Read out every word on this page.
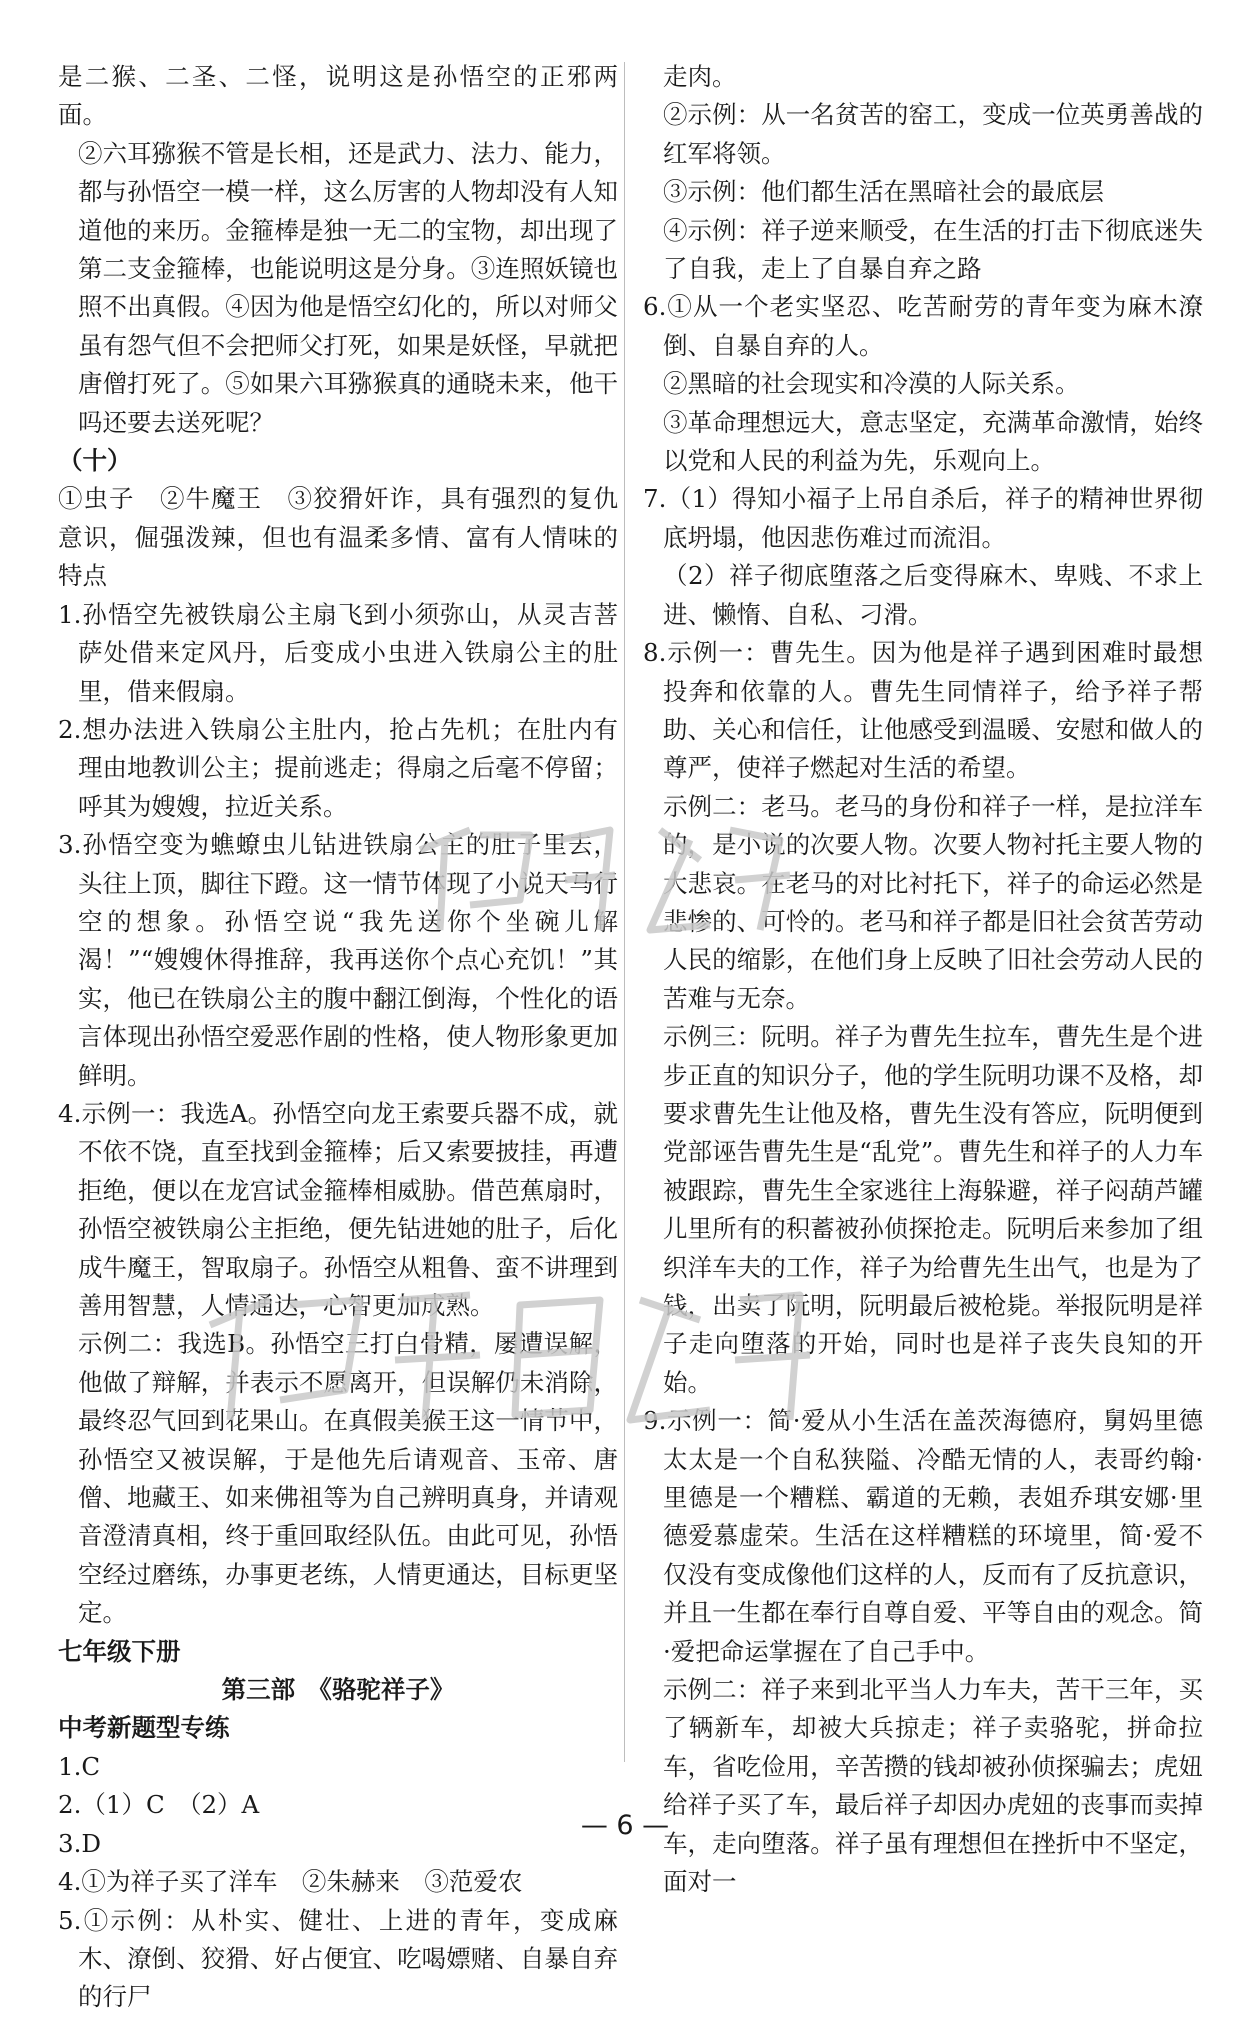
是二猴、二圣、二怪，说明这是孙悟空的正邪两面。

②六耳猕猴不管是长相，还是武力、法力、能力，都与孙悟空一模一样，这么厉害的人物却没有人知道他的来历。金箍棒是独一无二的宝物，却出现了第二支金箍棒，也能说明这是分身。③连照妖镜也照不出真假。④因为他是悟空幻化的，所以对师父虽有怨气但不会把师父打死，如果是妖怪，早就把唐僧打死了。⑤如果六耳猕猴真的通晓未来，他干吗还要去送死呢？

（十）

①虫子　②牛魔王　③狡猾奸诈，具有强烈的复仇意识，倔强泼辣，但也有温柔多情、富有人情味的特点

1.孙悟空先被铁扇公主扇飞到小须弥山，从灵吉菩萨处借来定风丹，后变成小虫进入铁扇公主的肚里，借来假扇。

2.想办法进入铁扇公主肚内，抢占先机；在肚内有理由地教训公主；提前逃走；得扇之后毫不停留；呼其为嫂嫂，拉近关系。

3.孙悟空变为蟭蟟虫儿钻进铁扇公主的肚子里去，头往上顶，脚往下蹬。这一情节体现了小说天马行空的想象。孙悟空说“我先送你个坐碗儿解渴！”“嫂嫂休得推辞，我再送你个点心充饥！”其实，他已在铁扇公主的腹中翻江倒海，个性化的语言体现出孙悟空爱恶作剧的性格，使人物形象更加鲜明。

4.示例一：我选A。孙悟空向龙王索要兵器不成，就不依不饶，直至找到金箍棒；后又索要披挂，再遭拒绝，便以在龙宫试金箍棒相威胁。借芭蕉扇时，孙悟空被铁扇公主拒绝，便先钻进她的肚子，后化成牛魔王，智取扇子。孙悟空从粗鲁、蛮不讲理到善用智慧，人情通达，心智更加成熟。

示例二：我选B。孙悟空三打白骨精，屡遭误解，他做了辩解，并表示不愿离开，但误解仍未消除，最终忍气回到花果山。在真假美猴王这一情节中，孙悟空又被误解，于是他先后请观音、玉帝、唐僧、地藏王、如来佛祖等为自己辨明真身，并请观音澄清真相，终于重回取经队伍。由此可见，孙悟空经过磨练，办事更老练，人情更通达，目标更坚定。

七年级下册

第三部　《骆驼祥子》

中考新题型专练

1.C

2.（1）C　（2）A

3.D

4.①为祥子买了洋车　②朱赫来　③范爱农

5.①示例：从朴实、健壮、上进的青年，变成麻木、潦倒、狡猾、好占便宜、吃喝嫖赌、自暴自弃的行尸

走肉。

②示例：从一名贫苦的窑工，变成一位英勇善战的红军将领。

③示例：他们都生活在黑暗社会的最底层

④示例：祥子逆来顺受，在生活的打击下彻底迷失了自我，走上了自暴自弃之路

6.①从一个老实坚忍、吃苦耐劳的青年变为麻木潦倒、自暴自弃的人。

②黑暗的社会现实和冷漠的人际关系。

③革命理想远大，意志坚定，充满革命激情，始终以党和人民的利益为先，乐观向上。

7.（1）得知小福子上吊自杀后，祥子的精神世界彻底坍塌，他因悲伤难过而流泪。

（2）祥子彻底堕落之后变得麻木、卑贱、不求上进、懒惰、自私、刁滑。

8.示例一：曹先生。因为他是祥子遇到困难时最想投奔和依靠的人。曹先生同情祥子，给予祥子帮助、关心和信任，让他感受到温暖、安慰和做人的尊严，使祥子燃起对生活的希望。

示例二：老马。老马的身份和祥子一样，是拉洋车的，是小说的次要人物。次要人物衬托主要人物的大悲哀。在老马的对比衬托下，祥子的命运必然是悲惨的、可怜的。老马和祥子都是旧社会贫苦劳动人民的缩影，在他们身上反映了旧社会劳动人民的苦难与无奈。

示例三：阮明。祥子为曹先生拉车，曹先生是个进步正直的知识分子，他的学生阮明功课不及格，却要求曹先生让他及格，曹先生没有答应，阮明便到党部诬告曹先生是“乱党”。曹先生和祥子的人力车被跟踪，曹先生全家逃往上海躲避，祥子闷葫芦罐儿里所有的积蓄被孙侦探抢走。阮明后来参加了组织洋车夫的工作，祥子为给曹先生出气，也是为了钱，出卖了阮明，阮明最后被枪毙。举报阮明是祥子走向堕落的开始，同时也是祥子丧失良知的开始。

9.示例一：简·爱从小生活在盖茨海德府，舅妈里德太太是一个自私狭隘、冷酷无情的人，表哥约翰·里德是一个糟糕、霸道的无赖，表姐乔琪安娜·里德爱慕虚荣。生活在这样糟糕的环境里，简·爱不仅没有变成像他们这样的人，反而有了反抗意识，并且一生都在奉行自尊自爱、平等自由的观念。简·爱把命运掌握在了自己手中。

示例二：祥子来到北平当人力车夫，苦干三年，买了辆新车，却被大兵掠走；祥子卖骆驼，拼命拉车，省吃俭用，辛苦攒的钱却被孙侦探骗去；虎妞给祥子买了车，最后祥子却因办虎妞的丧事而卖掉车，走向堕落。祥子虽有理想但在挫折中不坚定，面对一

— 6 —
